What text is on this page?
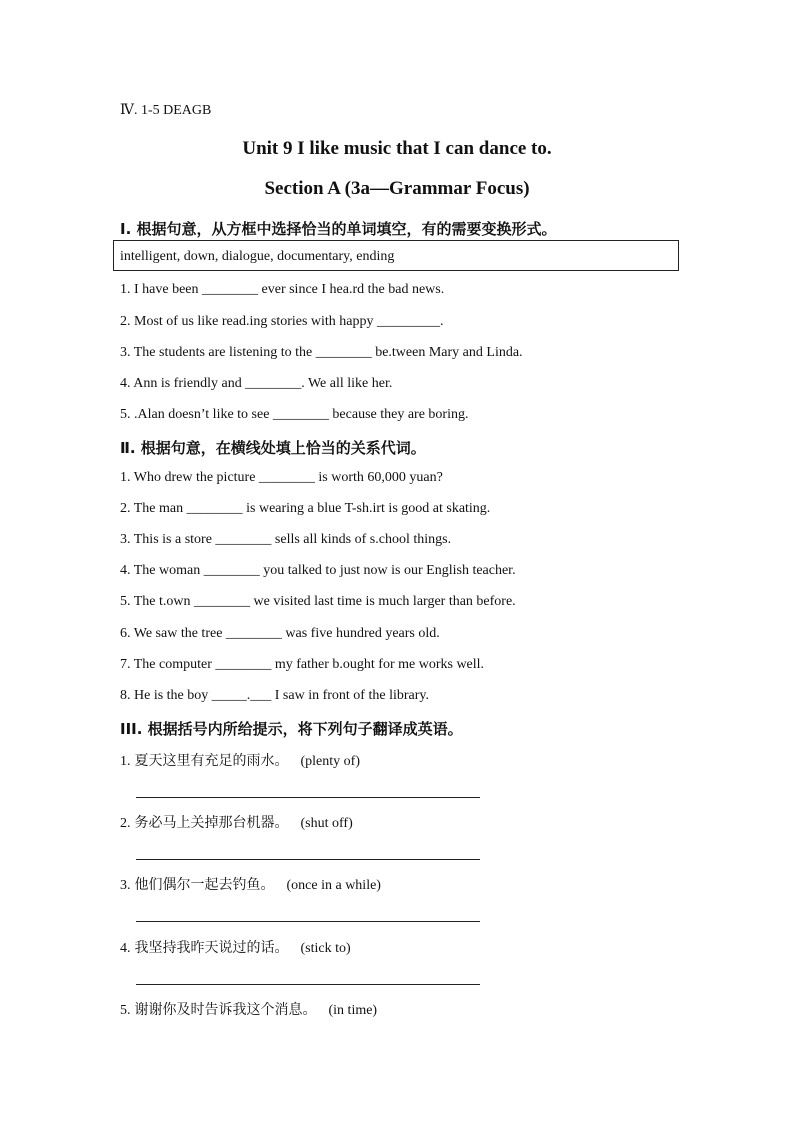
Ⅳ. 1-5 DEAGB
Unit 9 I like music that I can dance to.
Section A (3a—Grammar Focus)
Ⅰ. 根据句意，从方框中选择恰当的单词填空，有的需要变换形式。
intelligent, down, dialogue, documentary, ending
1. I have been ________ ever since I hea.rd the bad news.
2. Most of us like read.ing stories with happy _________.
3. The students are listening to the ________ be.tween Mary and Linda.
4. Ann is friendly and ________. We all like her.
5. .Alan doesn’t like to see ________ because they are boring.
Ⅱ. 根据句意，在横线处填上恰当的关系代词。
1. Who drew the picture ________ is worth 60,000 yuan?
2. The man ________ is wearing a blue T-sh.irt is good at skating.
3. This is a store ________ sells all kinds of s.chool things.
4. The woman ________ you talked to just now is our English teacher.
5. The t.own ________ we visited last time is much larger than before.
6. We saw the tree ________ was five hundred years old.
7. The computer ________ my father b.ought for me works well.
8. He is the boy _____.___ I saw in front of the library.
III. 根据括号内所给提示，将下列句子翻译成英语。
1. 夏天这里有充足的雨水。 (plenty of)
2. 务必马上关掉那台机器。 (shut off)
3. 他们偶尔一起去钓鱼。 (once in a while)
4. 我坚持我昨天说过的话。 (stick to)
5. 谢谢你及时告诉我这个消息。 (in time)
